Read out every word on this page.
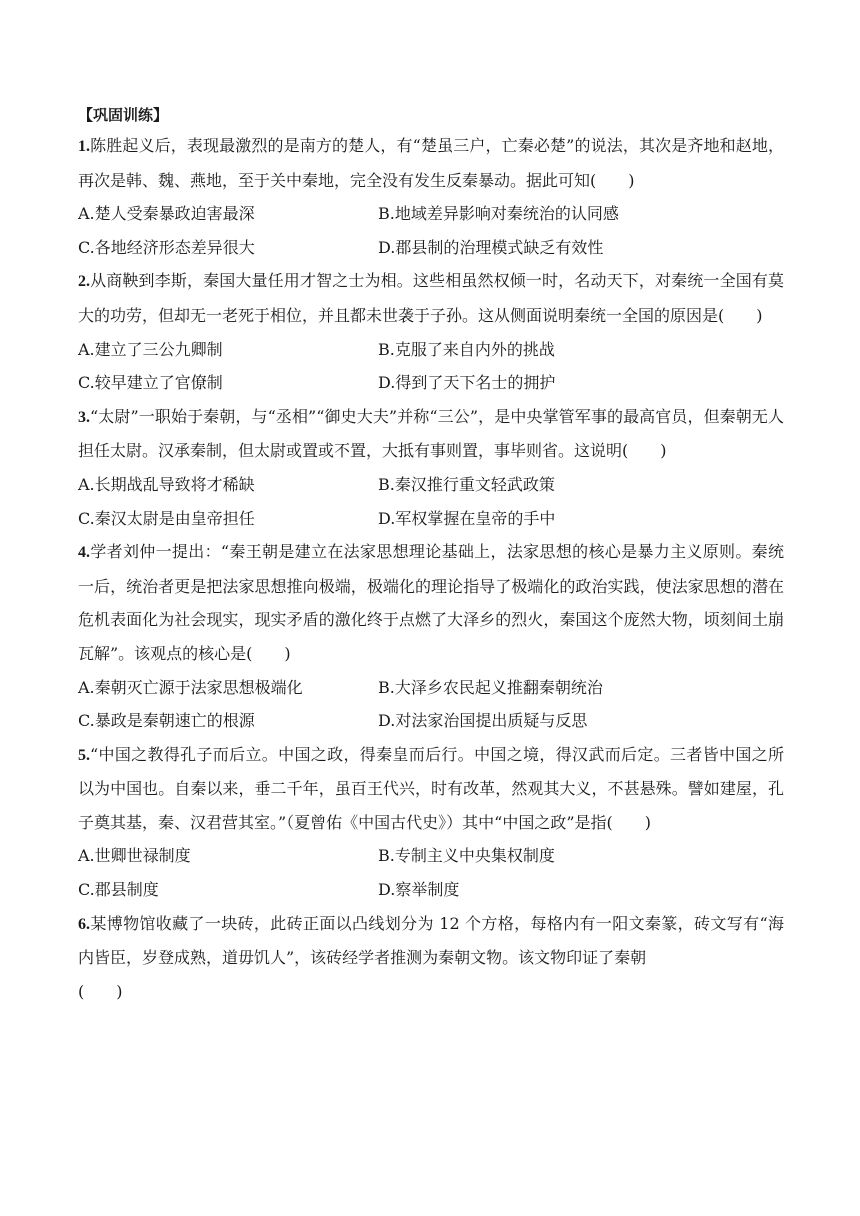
【巩固训练】

1.陈胜起义后，表现最激烈的是南方的楚人，有“楚虽三户，亡秦必楚”的说法，其次是齐地和赵地，再次是韩、魏、燕地，至于关中秦地，完全没有发生反秦暴动。据此可知(　　)

A.楚人受秦暴政迫害最深	B.地域差异影响对秦统治的认同感
C.各地经济形态差异很大	D.郡县制的治理模式缺乏有效性

2.从商鞅到李斯，秦国大量任用才智之士为相。这些相虽然权倾一时，名动天下，对秦统一全国有莫大的功劳，但却无一老死于相位，并且都未世袭于子孙。这从侧面说明秦统一全国的原因是(　　)

A.建立了三公九卿制	B.克服了来自内外的挑战
C.较早建立了官僚制	D.得到了天下名士的拥护

3.“太尉”一职始于秦朝，与“丞相”“御史大夫”并称“三公”，是中央掌管军事的最高官员，但秦朝无人担任太尉。汉承秦制，但太尉或置或不置，大抵有事则置，事毕则省。这说明(　　)

A.长期战乱导致将才稀缺	B.秦汉推行重文轻武政策
C.秦汉太尉是由皇帝担任	D.军权掌握在皇帝的手中

4.学者刘仲一提出：“秦王朝是建立在法家思想理论基础上，法家思想的核心是暴力主义原则。秦统一后，统治者更是把法家思想推向极端，极端化的理论指导了极端化的政治实践，使法家思想的潜在危机表面化为社会现实，现实矛盾的激化终于点燃了大泽乡的烈火，秦国这个庞然大物，顷刻间土崩瓦解”。该观点的核心是(　　)

A.秦朝灭亡源于法家思想极端化	B.大泽乡农民起义推翻秦朝统治
C.暴政是秦朝速亡的根源	D.对法家治国提出质疑与反思

5.“中国之教得孔子而后立。中国之政，得秦皇而后行。中国之境，得汉武而后定。三者皆中国之所以为中国也。自秦以来，垂二千年，虽百王代兴，时有改革，然观其大义，不甚悬殊。譬如建屋，孔子奠其基，秦、汉君营其室。”（夏曾佑《中国古代史》）其中“中国之政”是指(　　)

A.世卿世禄制度	B.专制主义中央集权制度
C.郡县制度	D.察举制度

6.某博物馆收藏了一块砖，此砖正面以凸线划分为 12 个方格，每格内有一阳文秦篆，砖文写有“海内皆臣，岁登成熟，道毋饥人”，该砖经学者推测为秦朝文物。该文物印证了秦朝

(　　)
